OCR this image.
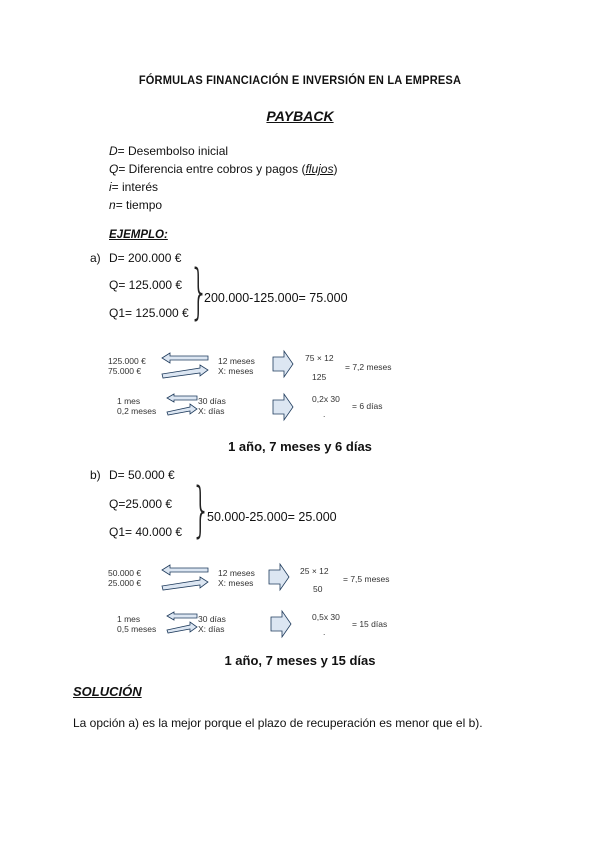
FÓRMULAS FINANCIACIÓN E INVERSIÓN EN LA EMPRESA
PAYBACK
D= Desembolso inicial
Q= Diferencia entre cobros y pagos (flujos)
i= interés
n= tiempo
EJEMPLO:
a) D= 200.000 €
Q= 125.000 €
Q1= 125.000 € }
200.000-125.000= 75.000
125.000 €
75.000 €
12 meses
X: meses
75 × 12
125
= 7,2 meses
1 mes
0,2 meses
30 días
X: días
0,2x 30
.
= 6 días
1 año, 7 meses y 6 días
b) D= 50.000 €
Q=25.000 €
Q1= 40.000 € }
50.000-25.000= 25.000
50.000 €
25.000 €
12 meses
X: meses
25 × 12
50
= 7,5 meses
1 mes
0,5 meses
30 días
X: días
0,5x 30
.
= 15 días
1 año, 7 meses y 15 días
SOLUCIÓN
La opción a) es la mejor porque el plazo de recuperación es menor que el b).
